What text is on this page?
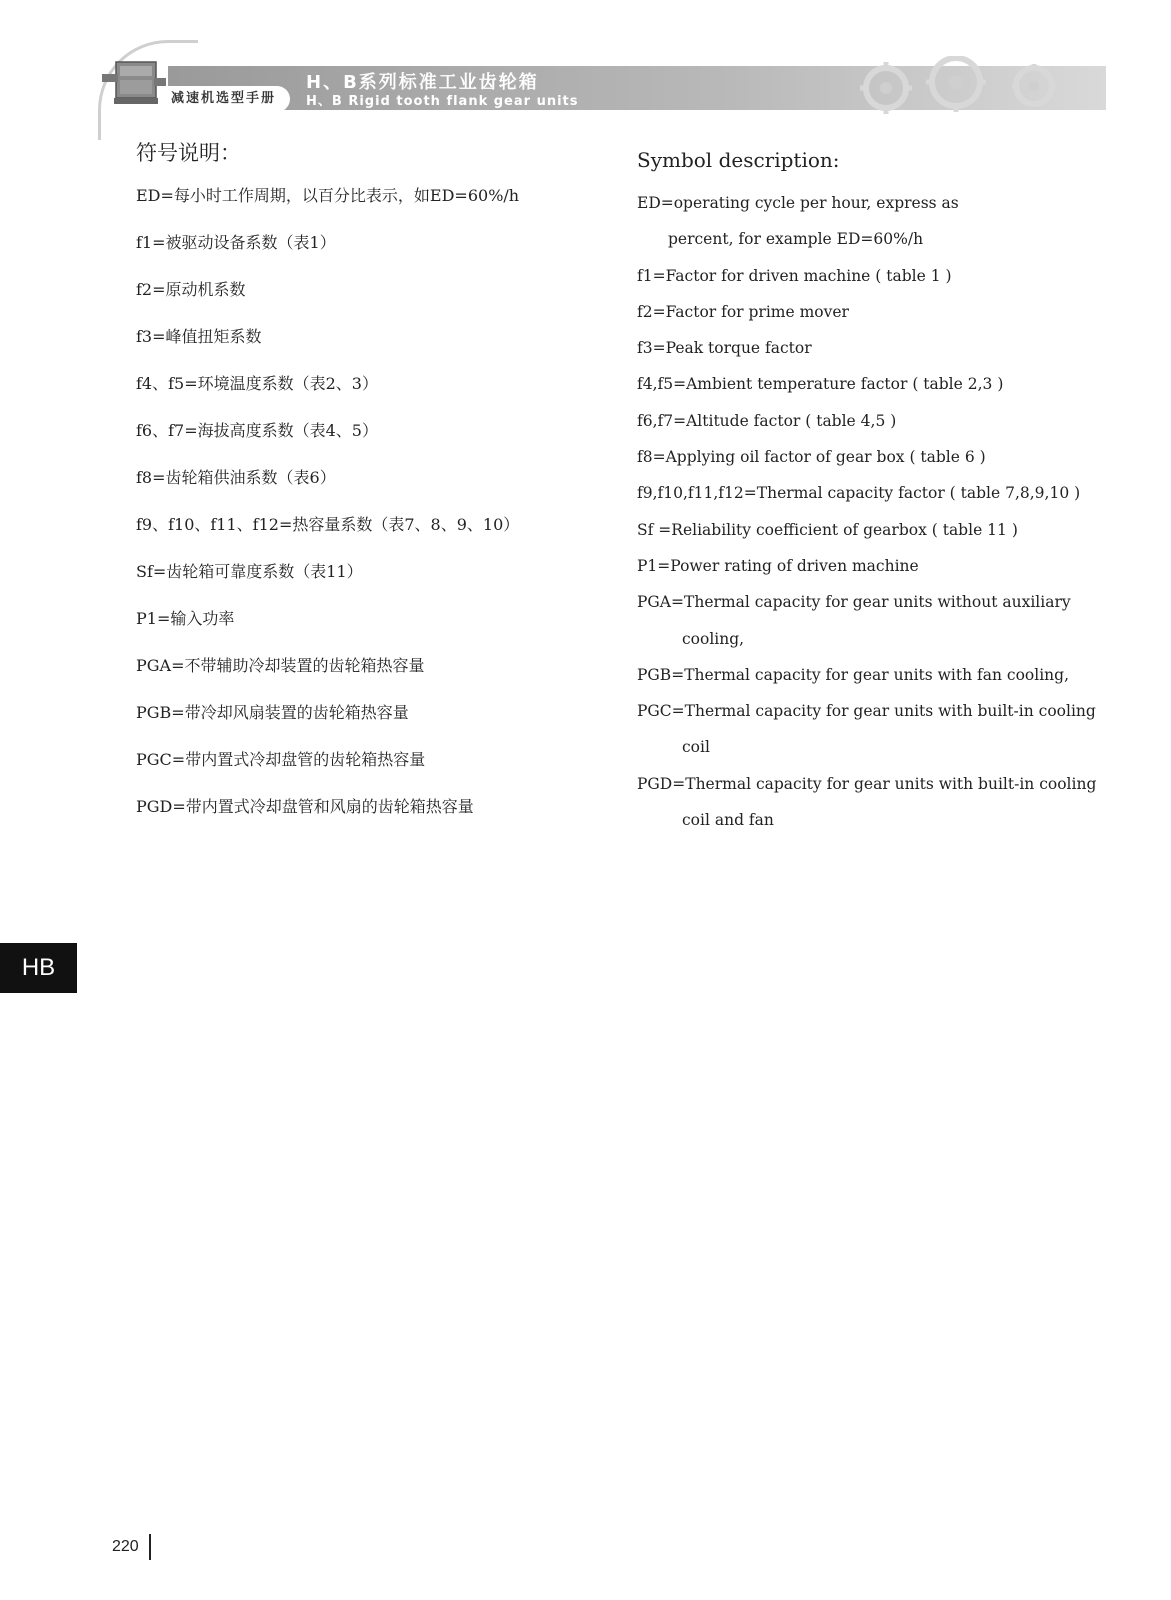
减速机选型手册
H、B系列标准工业齿轮箱
H、B Rigid tooth flank gear units
符号说明：
ED=每小时工作周期，以百分比表示，如ED=60%/h
f1=被驱动设备系数（表1）
f2=原动机系数
f3=峰值扭矩系数
f4、f5=环境温度系数（表2、3）
f6、f7=海拔高度系数（表4、5）
f8=齿轮箱供油系数（表6）
f9、f10、f11、f12=热容量系数（表7、8、9、10）
Sf=齿轮箱可靠度系数（表11）
P1=输入功率
PGA=不带辅助冷却装置的齿轮箱热容量
PGB=带冷却风扇装置的齿轮箱热容量
PGC=带内置式冷却盘管的齿轮箱热容量
PGD=带内置式冷却盘管和风扇的齿轮箱热容量
Symbol description:
ED=operating cycle per hour, express as
percent, for example ED=60%/h
f1=Factor for driven machine ( table 1 )
f2=Factor for prime mover
f3=Peak torque factor
f4,f5=Ambient temperature factor ( table 2,3 )
f6,f7=Altitude factor ( table 4,5 )
f8=Applying oil factor of gear box ( table 6 )
f9,f10,f11,f12=Thermal capacity factor ( table 7,8,9,10 )
Sf =Reliability coefficient of gearbox ( table 11 )
P1=Power rating of driven machine
PGA=Thermal capacity for gear units without auxiliary
cooling,
PGB=Thermal capacity for gear units with fan cooling,
PGC=Thermal capacity for gear units with built-in cooling
coil
PGD=Thermal capacity for gear units with built-in cooling
coil and fan
HB
220
